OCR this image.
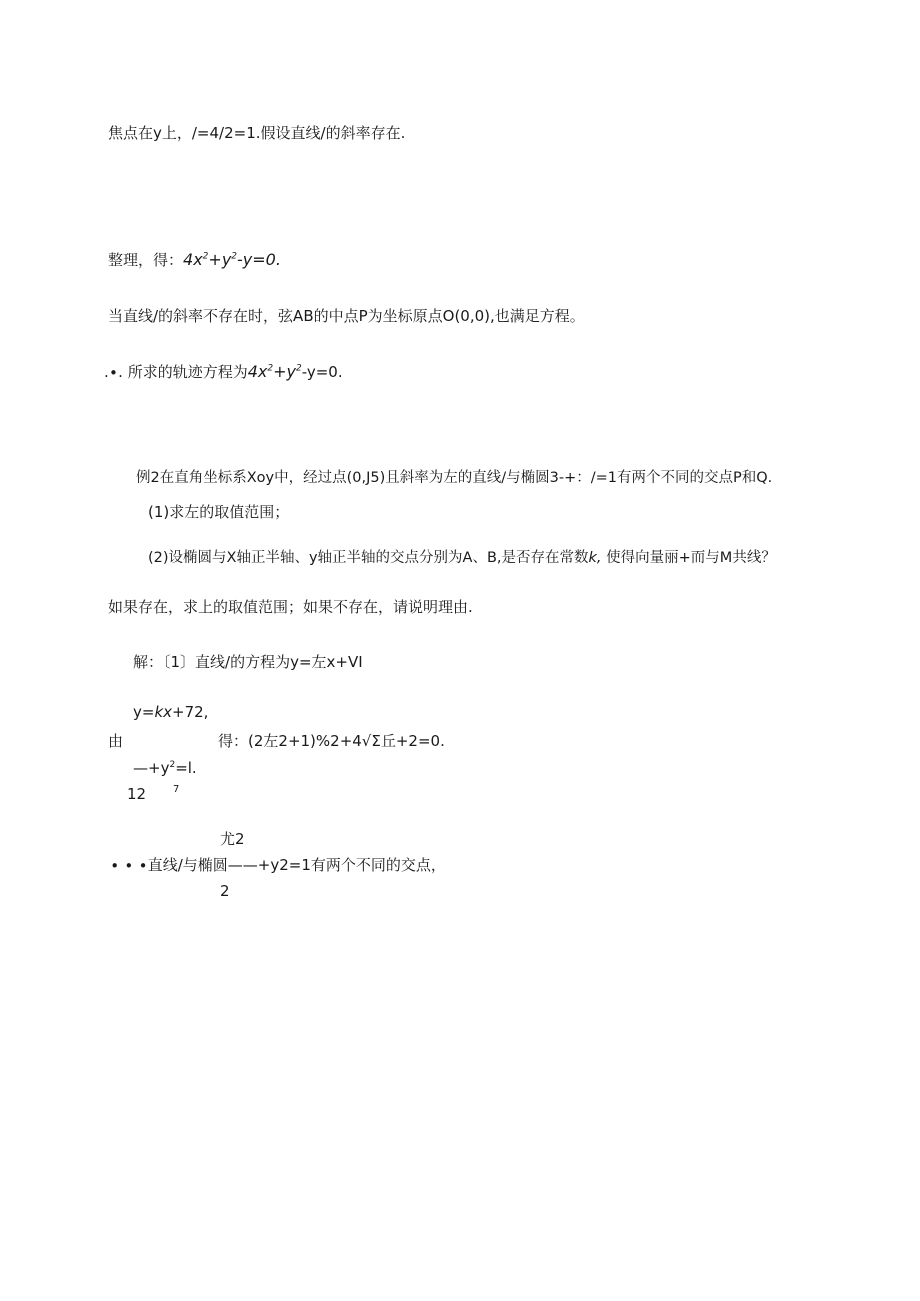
焦点在y上，/=4/2=1.假设直线/的斜率存在.
整理，得：$4x^2+y^2-y=0$.
当直线/的斜率不存在时，弦AB的中点P为坐标原点O(0,0),也满足方程。
.∙. 所求的轨迹方程为$4x^2+y^2-y=0$.
例2在直角坐标系Xoy中，经过点(0,J5)且斜率为左的直线/与椭圆3-+：/=1有两个不同的交点P和Q.
(1)求左的取值范围；
(2)设椭圆与X轴正半轴、y轴正半轴的交点分别为A、B,是否存在常数k, 使得向量丽+而与M共线？
如果存在，求上的取值范围；如果不存在，请说明理由.
解：〔1〕直线/的方程为y=左x+VI
y=kx+72,
由	得：(2左2+1)%2+4√Σ丘+2=0.
$—+y^2=l$.
12	7
尤2
∙ ∙ ∙直线/与椭圆——+y2=1有两个不同的交点，
2
